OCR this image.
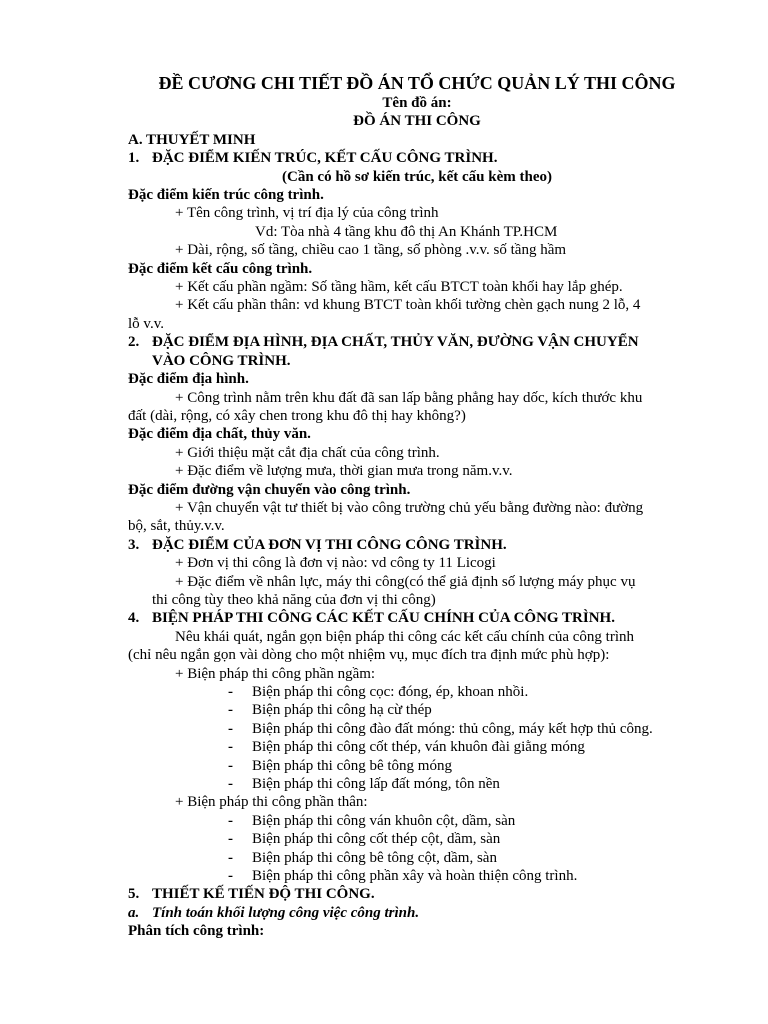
ĐỀ CƯƠNG CHI TIẾT ĐỒ ÁN TỔ CHỨC QUẢN LÝ THI CÔNG
Tên đồ án:
ĐỒ ÁN THI CÔNG
A. THUYẾT MINH
1. ĐẶC ĐIỂM KIẾN TRÚC, KẾT CẤU CÔNG TRÌNH.
(Cần có hồ sơ kiến trúc, kết cấu kèm theo)
Đặc điểm kiến trúc công trình.
+ Tên công trình, vị trí địa lý của công trình
Vd: Tòa nhà 4 tầng khu đô thị An Khánh TP.HCM
+ Dài, rộng, số tầng, chiều cao 1 tầng, số phòng .v.v. số tầng hầm
Đặc điểm kết cấu công trình.
+ Kết cấu phần ngầm: Số tầng hầm, kết cấu BTCT toàn khối hay lắp ghép.
+ Kết cấu phần thân: vd khung BTCT toàn khối tường chèn gạch nung 2 lỗ, 4
lỗ v.v.
2. ĐẶC ĐIỂM ĐỊA HÌNH, ĐỊA CHẤT, THỦY VĂN, ĐƯỜNG VẬN CHUYỂN
VÀO CÔNG TRÌNH.
Đặc điểm địa hình.
+ Công trình nằm trên khu đất đã san lấp bằng phẳng hay dốc, kích thước khu
đất (dài, rộng, có xây chen trong khu đô thị hay không?)
Đặc điểm địa chất, thủy văn.
+ Giới thiệu mặt cắt địa chất của công trình.
+ Đặc điểm về lượng mưa, thời gian mưa trong năm.v.v.
Đặc điểm đường vận chuyển vào công trình.
+ Vận chuyển vật tư thiết bị vào công trường chủ yếu bằng đường nào: đường
bộ, sắt, thủy.v.v.
3. ĐẶC ĐIỂM CỦA ĐƠN VỊ THI CÔNG CÔNG TRÌNH.
+ Đơn vị thi công là đơn vị nào: vd công ty 11 Licogi
+ Đặc điểm về nhân lực, máy thi công(có thể giả định số lượng máy phục vụ
thi công tùy theo khả năng của đơn vị thi công)
4. BIỆN PHÁP THI CÔNG CÁC KẾT CẤU CHÍNH CỦA CÔNG TRÌNH.
Nêu khái quát, ngắn gọn biện pháp thi công các kết cấu chính của công trình
(chỉ nêu ngắn gọn vài dòng cho một nhiệm vụ, mục đích tra định mức phù hợp):
+ Biện pháp thi công phần ngầm:
-	Biện pháp thi công cọc: đóng, ép, khoan nhồi.
-	Biện pháp thi công hạ cừ thép
-	Biện pháp thi công đào đất móng: thủ công, máy kết hợp thủ công.
-	Biện pháp thi công cốt thép, ván khuôn đài giằng móng
-	Biện pháp thi công bê tông móng
-	Biện pháp thi công lấp đất móng, tôn nền
+ Biện pháp thi công phần thân:
-	Biện pháp thi công ván khuôn cột, dầm, sàn
-	Biện pháp thi công cốt thép cột, dầm, sàn
-	Biện pháp thi công bê tông cột, dầm, sàn
-	Biện pháp thi công phần xây và hoàn thiện công trình.
5. THIẾT KẾ TIẾN ĐỘ THI CÔNG.
a. Tính toán khối lượng công việc công trình.
Phân tích công trình:
